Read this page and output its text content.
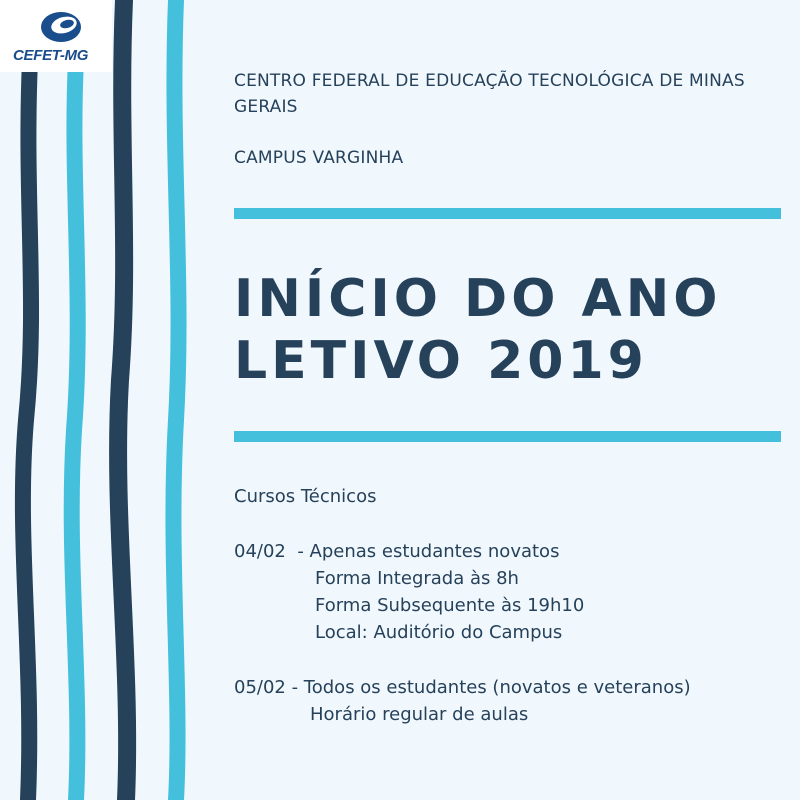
CEFET-MG

CENTRO FEDERAL DE EDUCAÇÃO TECNOLÓGICA DE MINAS GERAIS

CAMPUS VARGINHA

INÍCIO DO ANO
LETIVO 2019
Cursos Técnicos
04/02  - Apenas estudantes novatos
Forma Integrada às 8h
Forma Subsequente às 19h10
Local: Auditório do Campus
05/02 - Todos os estudantes (novatos e veteranos)
Horário regular de aulas
